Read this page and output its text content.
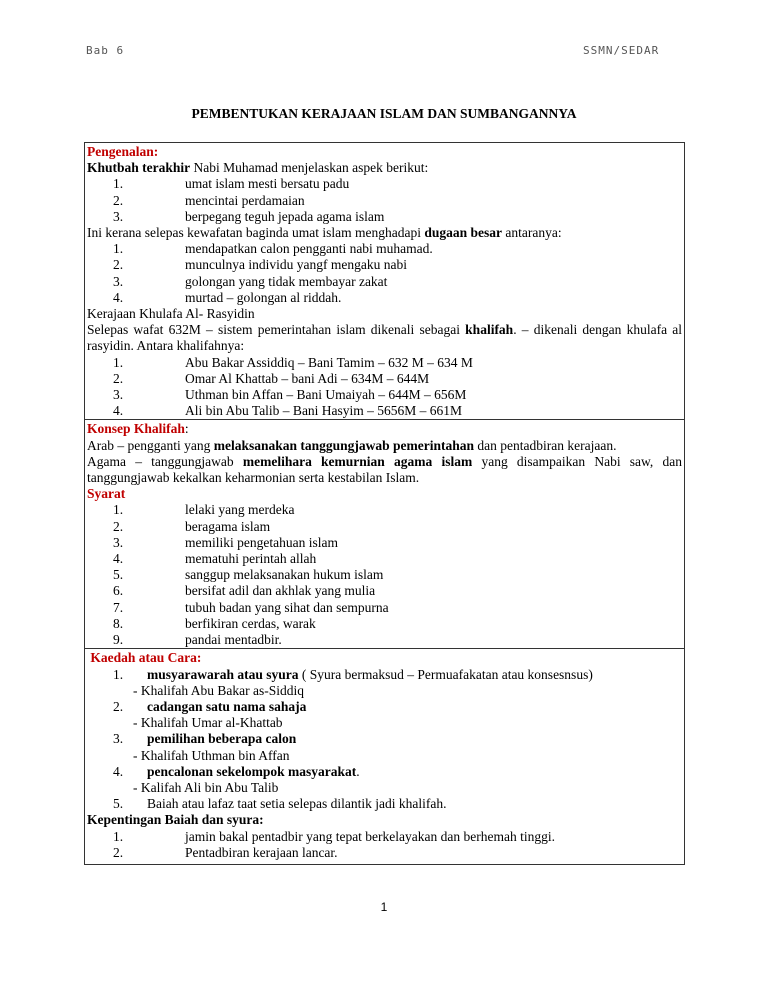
Bab 6	SSMN/SEDAR
PEMBENTUKAN KERAJAAN ISLAM DAN SUMBANGANNYA
Pengenalan:
Khutbah terakhir Nabi Muhamad menjelaskan aspek berikut:
1.	umat islam mesti bersatu padu
2.	mencintai perdamaian
3.	berpegang teguh jepada agama islam
Ini kerana selepas kewafatan baginda umat islam menghadapi dugaan besar antaranya:
1.	mendapatkan calon pengganti nabi muhamad.
2.	munculnya individu yangf mengaku nabi
3.	golongan yang tidak membayar zakat
4.	murtad – golongan al riddah.
Kerajaan Khulafa Al- Rasyidin
Selepas wafat 632M – sistem pemerintahan islam dikenali sebagai khalifah. – dikenali dengan khulafa al rasyidin. Antara khalifahnya:
1.	Abu Bakar Assiddiq – Bani Tamim – 632 M – 634 M
2.	Omar Al Khattab – bani Adi – 634M – 644M
3.	Uthman bin Affan – Bani Umaiyah – 644M – 656M
4.	Ali bin Abu Talib – Bani Hasyim – 5656M – 661M
Konsep Khalifah:
Arab – pengganti yang melaksanakan tanggungjawab pemerintahan dan pentadbiran kerajaan.
Agama – tanggungjawab memelihara kemurnian agama islam yang disampaikan Nabi saw, dan tanggungjawab kekalkan keharmonian serta kestabilan Islam.
Syarat
1.	lelaki yang merdeka
2.	beragama islam
3.	memiliki pengetahuan islam
4.	mematuhi perintah allah
5.	sanggup melaksanakan hukum islam
6.	bersifat adil dan akhlak yang mulia
7.	tubuh badan yang sihat dan sempurna
8.	berfikiran cerdas, warak
9.	pandai mentadbir.
Kaedah atau Cara:
1.	musyarawarah atau syura ( Syura bermaksud – Permuafakatan atau konsesnsus)
- Khalifah Abu Bakar as-Siddiq
2.	cadangan satu nama sahaja
- Khalifah Umar al-Khattab
3.	pemilihan beberapa calon
- Khalifah Uthman bin Affan
4.	pencalonan sekelompok masyarakat.
- Kalifah Ali bin Abu Talib
5.	Baiah atau lafaz taat setia selepas dilantik jadi khalifah.
Kepentingan Baiah dan syura:
1.	jamin bakal pentadbir yang tepat berkelayakan dan berhemah tinggi.
2.	Pentadbiran kerajaan lancar.
1
